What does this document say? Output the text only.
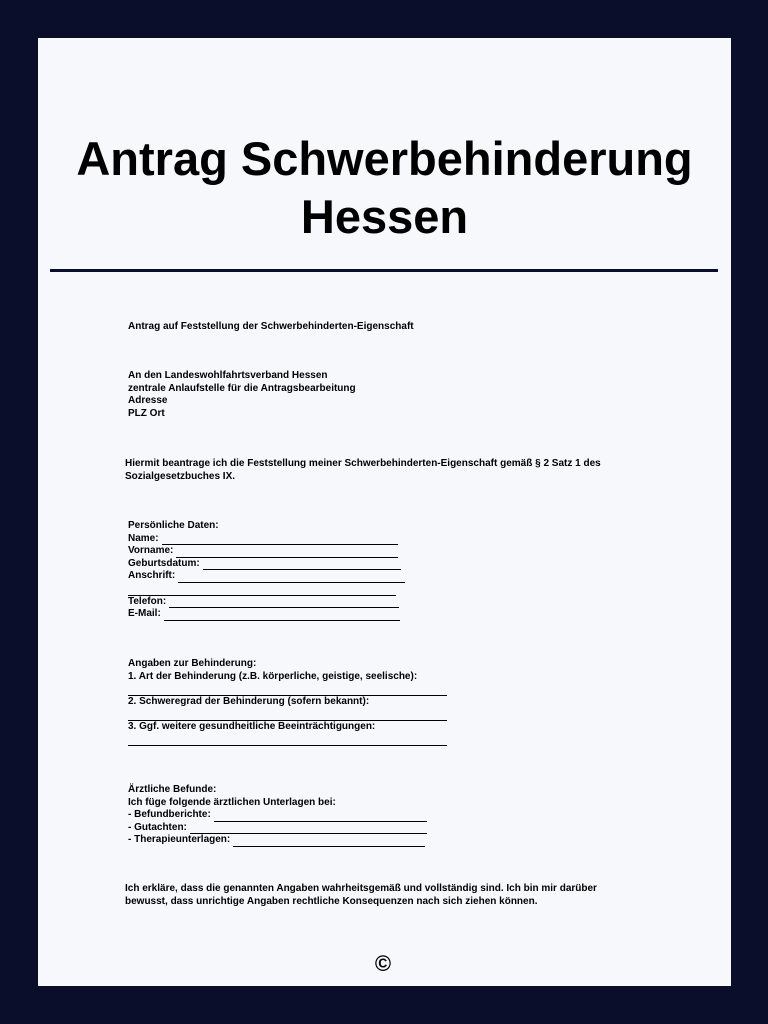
Antrag Schwerbehinderung
Hessen
Antrag auf Feststellung der Schwerbehinderten-Eigenschaft
An den Landeswohlfahrtsverband Hessen
zentrale Anlaufstelle für die Antragsbearbeitung
Adresse
PLZ Ort
Hiermit beantrage ich die Feststellung meiner Schwerbehinderten-Eigenschaft gemäß § 2 Satz 1 des
Sozialgesetzbuches IX.
Persönliche Daten:
Name:
Vorname:
Geburtsdatum:
Anschrift:
Telefon:
E-Mail:
Angaben zur Behinderung:
1. Art der Behinderung (z.B. körperliche, geistige, seelische):
2. Schweregrad der Behinderung (sofern bekannt):
3. Ggf. weitere gesundheitliche Beeinträchtigungen:
Ärztliche Befunde:
Ich füge folgende ärztlichen Unterlagen bei:
- Befundberichte:
- Gutachten:
- Therapieunterlagen:
Ich erkläre, dass die genannten Angaben wahrheitsgemäß und vollständig sind. Ich bin mir darüber
bewusst, dass unrichtige Angaben rechtliche Konsequenzen nach sich ziehen können.
©
